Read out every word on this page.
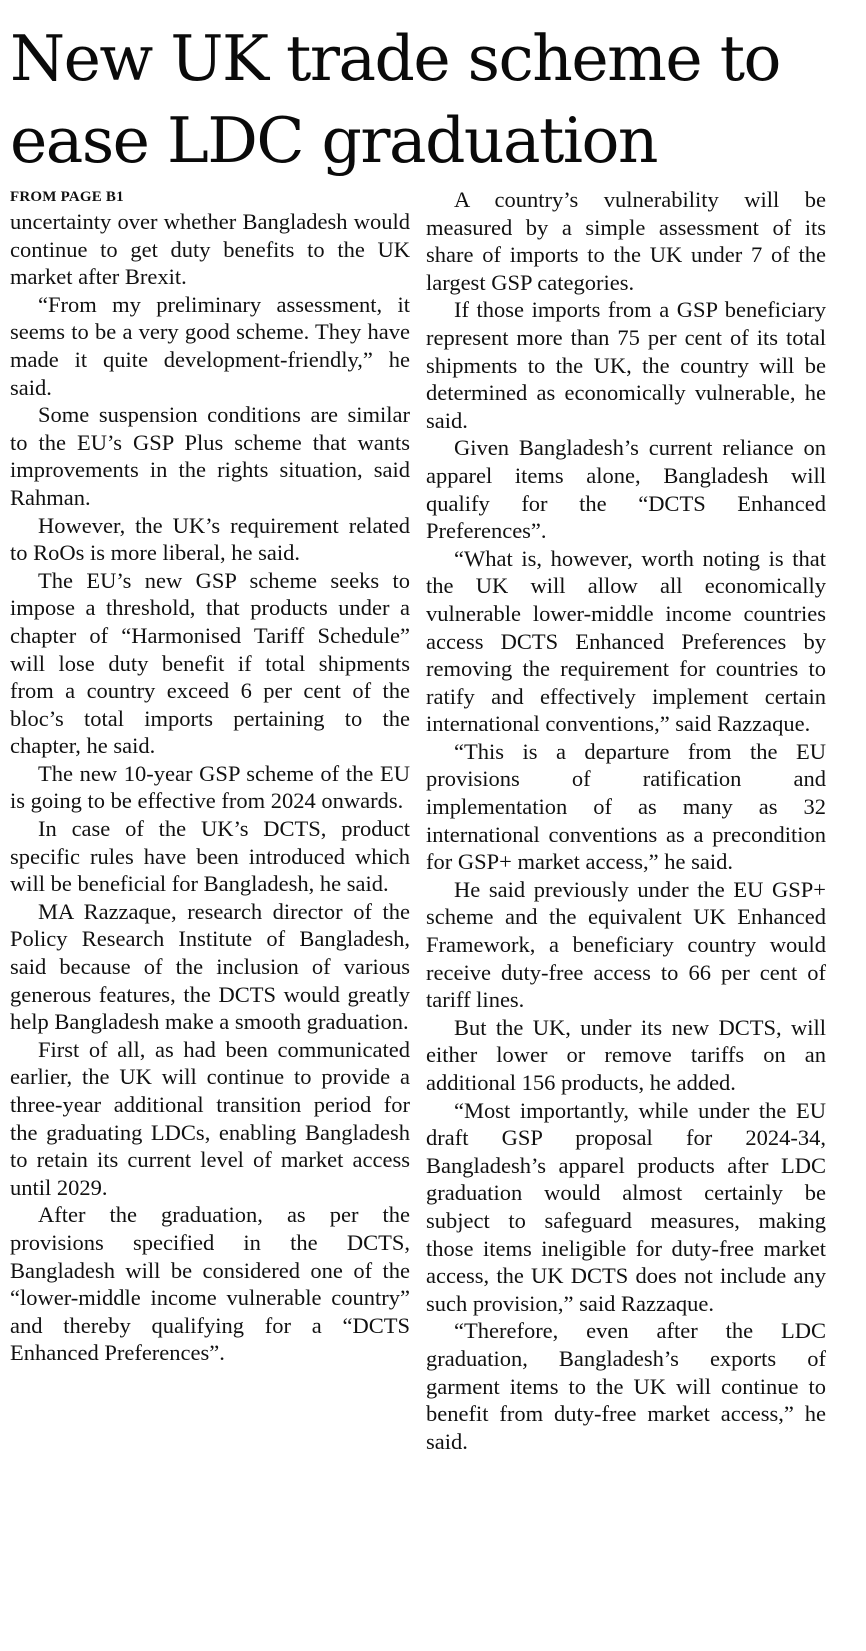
New UK trade scheme to ease LDC graduation
FROM PAGE B1

uncertainty over whether Bangladesh would continue to get duty benefits to the UK market after Brexit.

“From my preliminary assessment, it seems to be a very good scheme. They have made it quite development-friendly,” he said.

Some suspension conditions are similar to the EU’s GSP Plus scheme that wants improvements in the rights situation, said Rahman.

However, the UK’s requirement related to RoOs is more liberal, he said.

The EU’s new GSP scheme seeks to impose a threshold, that products under a chapter of “Harmonised Tariff Schedule” will lose duty benefit if total shipments from a country exceed 6 per cent of the bloc’s total imports pertaining to the chapter, he said.

The new 10-year GSP scheme of the EU is going to be effective from 2024 onwards.

In case of the UK’s DCTS, product specific rules have been introduced which will be beneficial for Bangladesh, he said.

MA Razzaque, research director of the Policy Research Institute of Bangladesh, said because of the inclusion of various generous features, the DCTS would greatly help Bangladesh make a smooth graduation.

First of all, as had been communicated earlier, the UK will continue to provide a three-year additional transition period for the graduating LDCs, enabling Bangladesh to retain its current level of market access until 2029.

After the graduation, as per the provisions specified in the DCTS, Bangladesh will be considered one of the “lower-middle income vulnerable country” and thereby qualifying for a “DCTS Enhanced Preferences”.

A country’s vulnerability will be measured by a simple assessment of its share of imports to the UK under 7 of the largest GSP categories.

If those imports from a GSP beneficiary represent more than 75 per cent of its total shipments to the UK, the country will be determined as economically vulnerable, he said.

Given Bangladesh’s current reliance on apparel items alone, Bangladesh will qualify for the “DCTS Enhanced Preferences”.

“What is, however, worth noting is that the UK will allow all economically vulnerable lower-middle income countries access DCTS Enhanced Preferences by removing the requirement for countries to ratify and effectively implement certain international conventions,” said Razzaque.

“This is a departure from the EU provisions of ratification and implementation of as many as 32 international conventions as a precondition for GSP+ market access,” he said.

He said previously under the EU GSP+ scheme and the equivalent UK Enhanced Framework, a beneficiary country would receive duty-free access to 66 per cent of tariff lines.

But the UK, under its new DCTS, will either lower or remove tariffs on an additional 156 products, he added.

“Most importantly, while under the EU draft GSP proposal for 2024-34, Bangladesh’s apparel products after LDC graduation would almost certainly be subject to safeguard measures, making those items ineligible for duty-free market access, the UK DCTS does not include any such provision,” said Razzaque.

“Therefore, even after the LDC graduation, Bangladesh’s exports of garment items to the UK will continue to benefit from duty-free market access,” he said.
